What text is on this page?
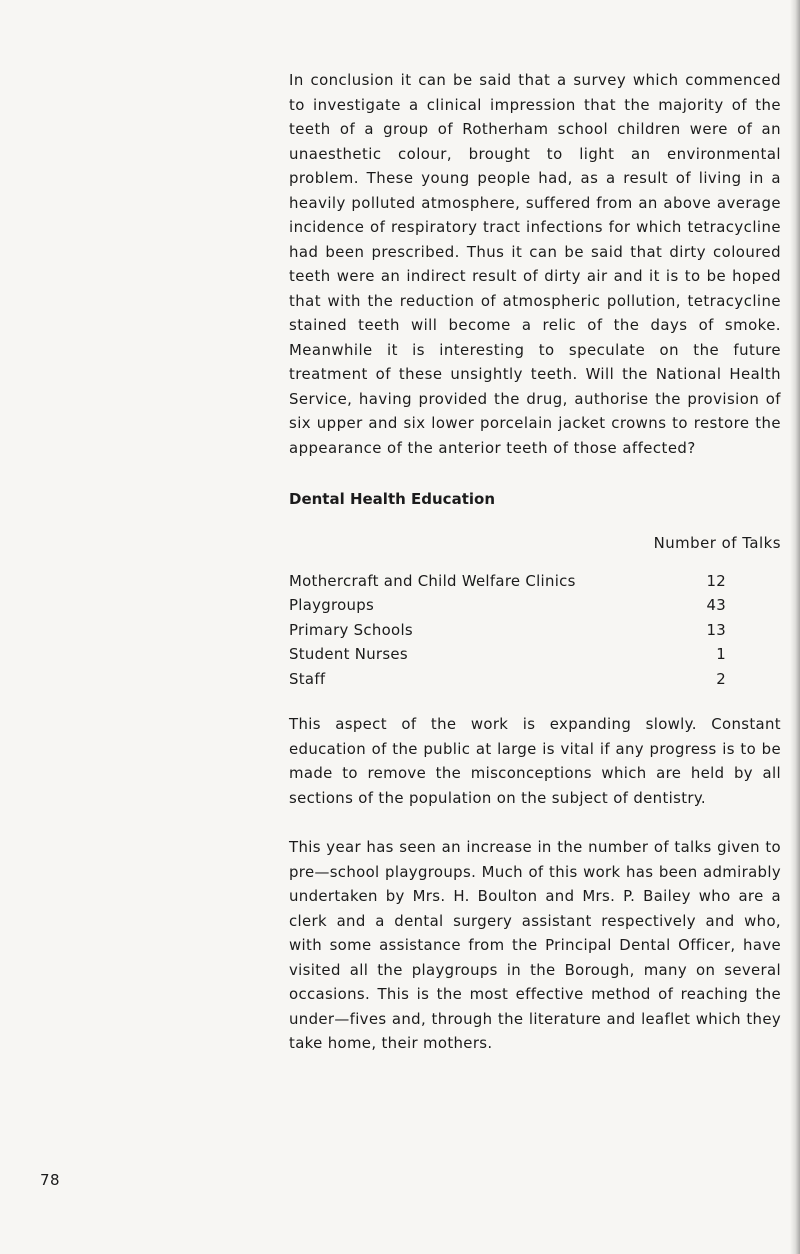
In conclusion it can be said that a survey which commenced to investigate a clinical impression that the majority of the teeth of a group of Rotherham school children were of an unaesthetic colour, brought to light an environmental problem. These young people had, as a result of living in a heavily polluted atmosphere, suffered from an above average incidence of respiratory tract infections for which tetracycline had been prescribed. Thus it can be said that dirty coloured teeth were an indirect result of dirty air and it is to be hoped that with the reduction of atmospheric pollution, tetracycline stained teeth will become a relic of the days of smoke. Meanwhile it is interesting to speculate on the future treatment of these unsightly teeth. Will the National Health Service, having provided the drug, authorise the provision of six upper and six lower porcelain jacket crowns to restore the appearance of the anterior teeth of those affected?

Dental Health Education
Number of Talks
Mothercraft and Child Welfare Clinics	12
Playgroups	43
Primary Schools	13
Student Nurses	1
Staff	2

This aspect of the work is expanding slowly. Constant education of the public at large is vital if any progress is to be made to remove the misconceptions which are held by all sections of the population on the subject of dentistry.

This year has seen an increase in the number of talks given to pre—school playgroups. Much of this work has been admirably undertaken by Mrs. H. Boulton and Mrs. P. Bailey who are a clerk and a dental surgery assistant respectively and who, with some assistance from the Principal Dental Officer, have visited all the playgroups in the Borough, many on several occasions. This is the most effective method of reaching the under—fives and, through the literature and leaflet which they take home, their mothers.

78
